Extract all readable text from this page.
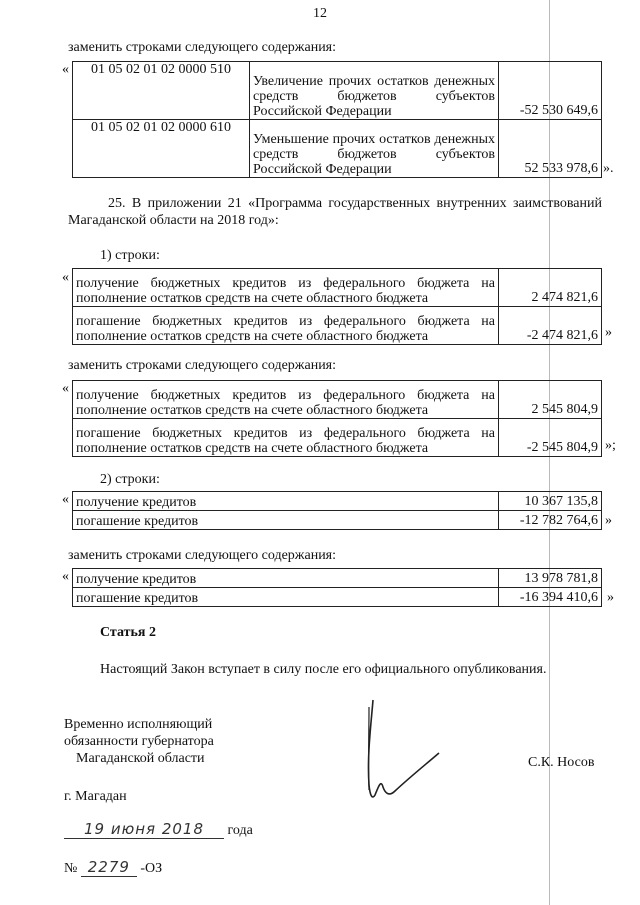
12
заменить строками следующего содержания:
« 01 05 02 01 02 0000 510	Увеличение прочих остатков денежных средств бюджетов субъектов Российской Федерации	-52 530 649,6
01 05 02 01 02 0000 610	Уменьшение прочих остатков денежных средств бюджетов субъектов Российской Федерации	52 533 978,6 ».
25. В приложении 21 «Программа государственных внутренних заимствований Магаданской области на 2018 год»:
1) строки:
« получение бюджетных кредитов из федерального бюджета на пополнение остатков средств на счете областного бюджета	2 474 821,6
погашение бюджетных кредитов из федерального бюджета на пополнение остатков средств на счете областного бюджета	-2 474 821,6 »
заменить строками следующего содержания:
« получение бюджетных кредитов из федерального бюджета на пополнение остатков средств на счете областного бюджета	2 545 804,9
погашение бюджетных кредитов из федерального бюджета на пополнение остатков средств на счете областного бюджета	-2 545 804,9 »;
2) строки:
« получение кредитов	10 367 135,8
погашение кредитов	-12 782 764,6 »
заменить строками следующего содержания:
« получение кредитов	13 978 781,8
погашение кредитов	-16 394 410,6 »
Статья 2
Настоящий Закон вступает в силу после его официального опубликования.
Временно исполняющий
обязанности губернатора
Магаданской области	С.К. Носов
г. Магадан
19 июня 2018 года
№ 2279 -ОЗ
